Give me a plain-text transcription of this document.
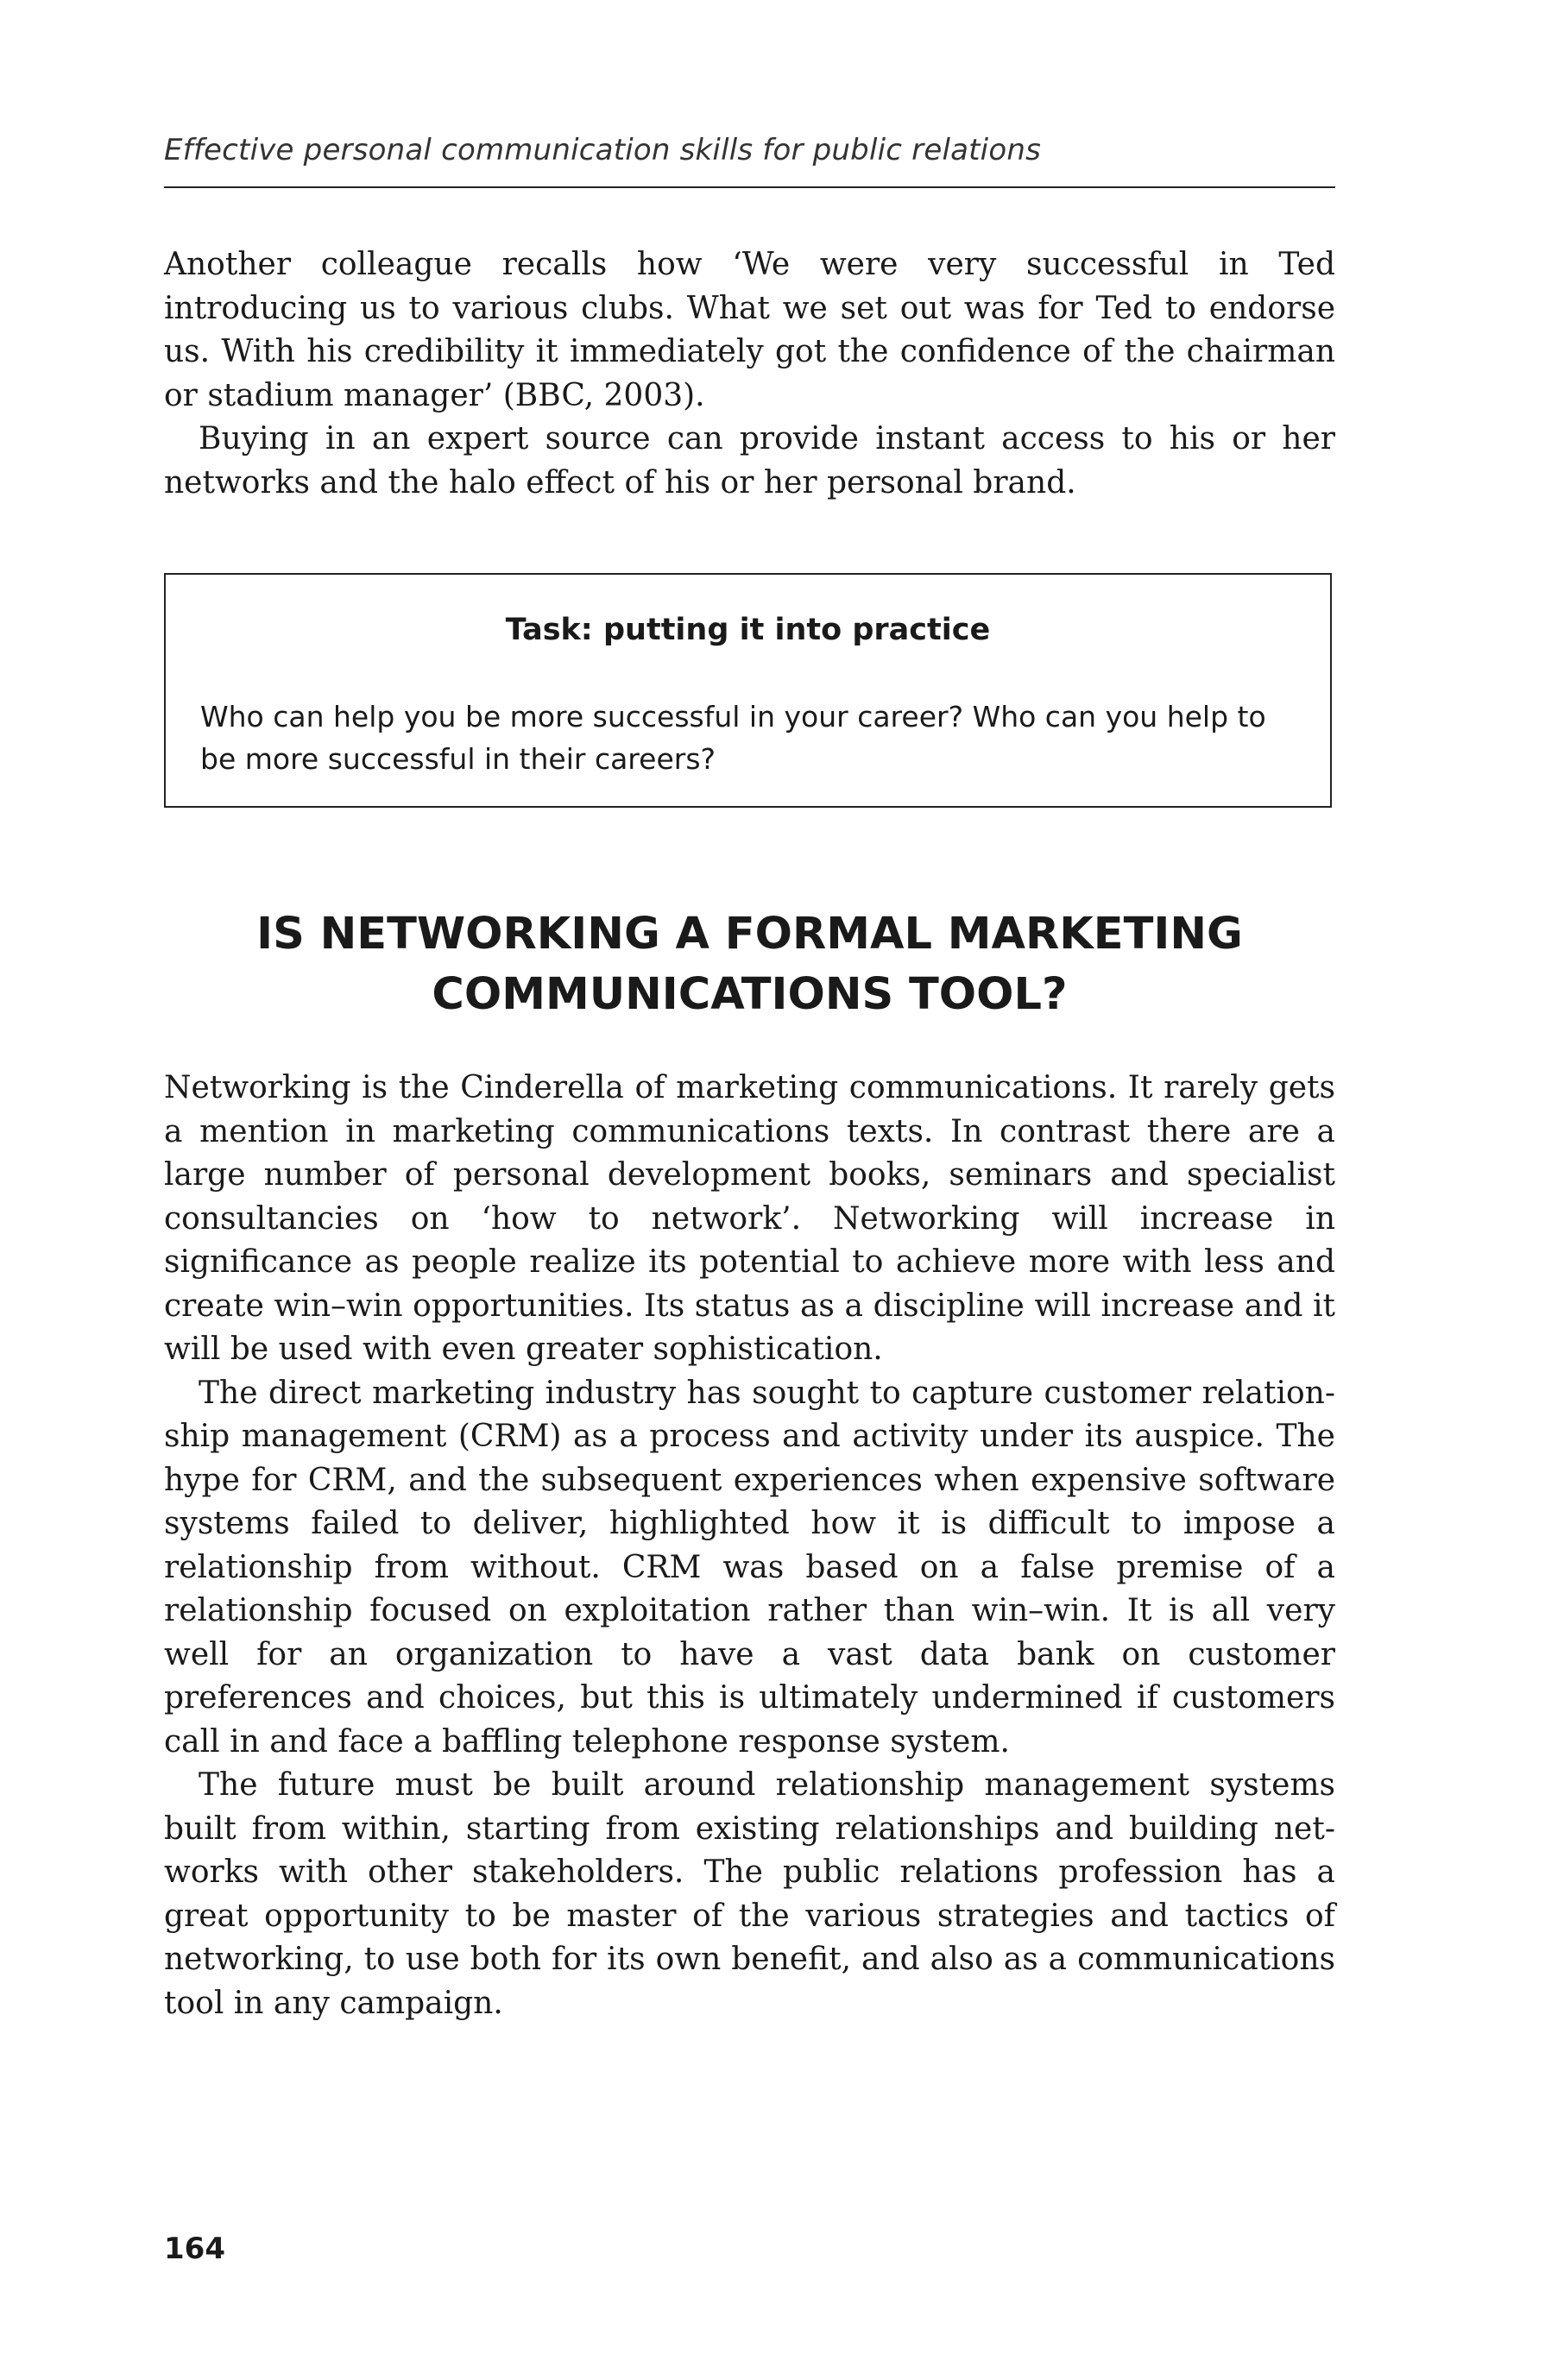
Effective personal communication skills for public relations

Another colleague recalls how ‘We were very successful in Ted introducing us to various clubs. What we set out was for Ted to endorse us. With his credibility it immediately got the confidence of the chairman or stadium manager’ (BBC, 2003).

Buying in an expert source can provide instant access to his or her networks and the halo effect of his or her personal brand.

Task: putting it into practice
Who can help you be more successful in your career? Who can you help to be more successful in their careers?
IS NETWORKING A FORMAL MARKETING
COMMUNICATIONS TOOL?

Networking is the Cinderella of marketing communications. It rarely gets a mention in marketing communications texts. In contrast there are a large number of personal development books, seminars and specialist consultancies on ‘how to network’. Networking will increase in significance as people realize its potential to achieve more with less and create win–win opportunities. Its status as a discipline will increase and it will be used with even greater sophistication.

The direct marketing industry has sought to capture customer relationship management (CRM) as a process and activity under its auspice. The hype for CRM, and the subsequent experiences when expensive software systems failed to deliver, highlighted how it is difficult to impose a relationship from without. CRM was based on a false premise of a relationship focused on exploitation rather than win–win. It is all very well for an organization to have a vast data bank on customer preferences and choices, but this is ultimately undermined if customers call in and face a baffling telephone response system.

The future must be built around relationship management systems built from within, starting from existing relationships and building networks with other stakeholders. The public relations profession has a great opportunity to be master of the various strategies and tactics of networking, to use both for its own benefit, and also as a communications tool in any campaign.

164
